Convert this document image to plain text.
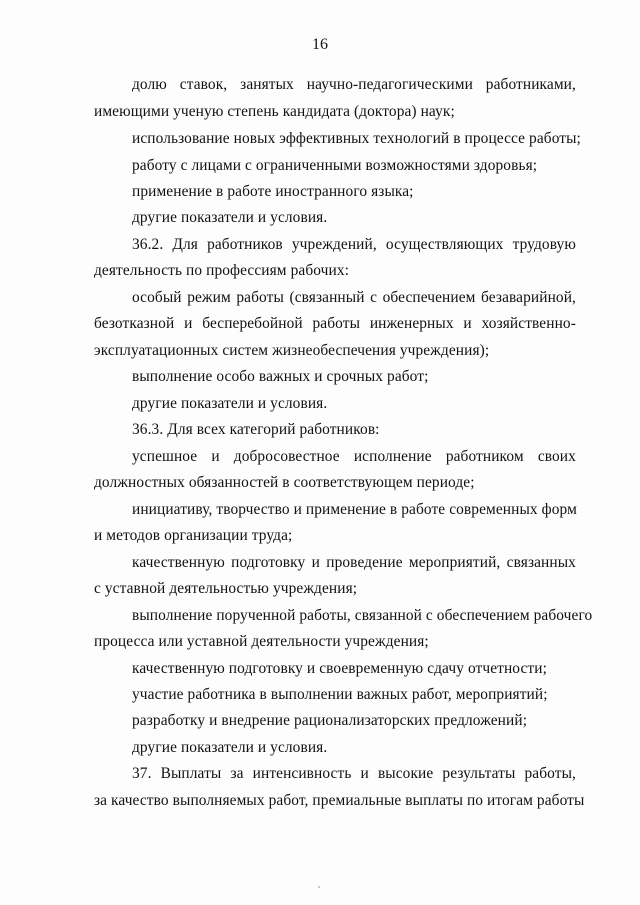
16
долю ставок, занятых научно-педагогическими работниками,
имеющими ученую степень кандидата (доктора) наук;
использование новых эффективных технологий в процессе работы;
работу с лицами с ограниченными возможностями здоровья;
применение в работе иностранного языка;
другие показатели и условия.
36.2. Для работников учреждений, осуществляющих трудовую
деятельность по профессиям рабочих:
особый режим работы (связанный с обеспечением безаварийной,
безотказной и бесперебойной работы инженерных и хозяйственно-
эксплуатационных систем жизнеобеспечения учреждения);
выполнение особо важных и срочных работ;
другие показатели и условия.
36.3. Для всех категорий работников:
успешное и добросовестное исполнение работником своих
должностных обязанностей в соответствующем периоде;
инициативу, творчество и применение в работе современных форм
и методов организации труда;
качественную подготовку и проведение мероприятий, связанных
с уставной деятельностью учреждения;
выполнение порученной работы, связанной с обеспечением рабочего
процесса или уставной деятельности учреждения;
качественную подготовку и своевременную сдачу отчетности;
участие работника в выполнении важных работ, мероприятий;
разработку и внедрение рационализаторских предложений;
другие показатели и условия.
37. Выплаты за интенсивность и высокие результаты работы,
за качество выполняемых работ, премиальные выплаты по итогам работы
